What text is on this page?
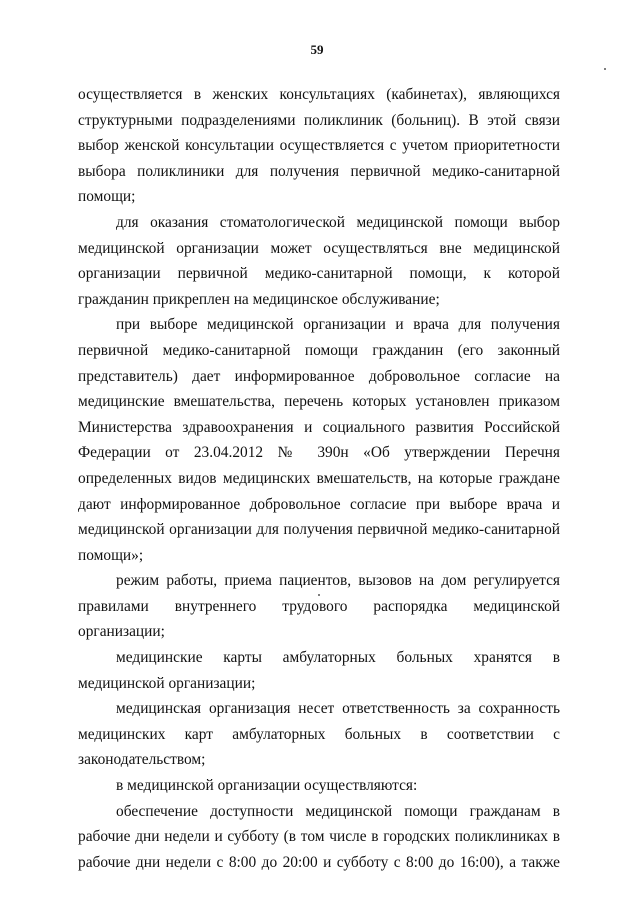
59

осуществляется в женских консультациях (кабинетах), являющихся структурными подразделениями поликлиник (больниц). В этой связи выбор женской консультации осуществляется с учетом приоритетности выбора поликлиники для получения первичной медико-санитарной помощи;

для оказания стоматологической медицинской помощи выбор медицинской организации может осуществляться вне медицинской организации первичной медико-санитарной помощи, к которой гражданин прикреплен на медицинское обслуживание;

при выборе медицинской организации и врача для получения первичной медико-санитарной помощи гражданин (его законный представитель) дает информированное добровольное согласие на медицинские вмешательства, перечень которых установлен приказом Министерства здравоохранения и социального развития Российской Федерации от 23.04.2012 № 390н «Об утверждении Перечня определенных видов медицинских вмешательств, на которые граждане дают информированное добровольное согласие при выборе врача и медицинской организации для получения первичной медико-санитарной помощи»;

режим работы, приема пациентов, вызовов на дом регулируется правилами внутреннего трудового распорядка медицинской организации;

медицинские карты амбулаторных больных хранятся в медицинской организации;

медицинская организация несет ответственность за сохранность медицинских карт амбулаторных больных в соответствии с законодательством;

в медицинской организации осуществляются:

обеспечение доступности медицинской помощи гражданам в рабочие дни недели и субботу (в том числе в городских поликлиниках в рабочие дни недели с 8:00 до 20:00 и субботу с 8:00 до 16:00), а также
